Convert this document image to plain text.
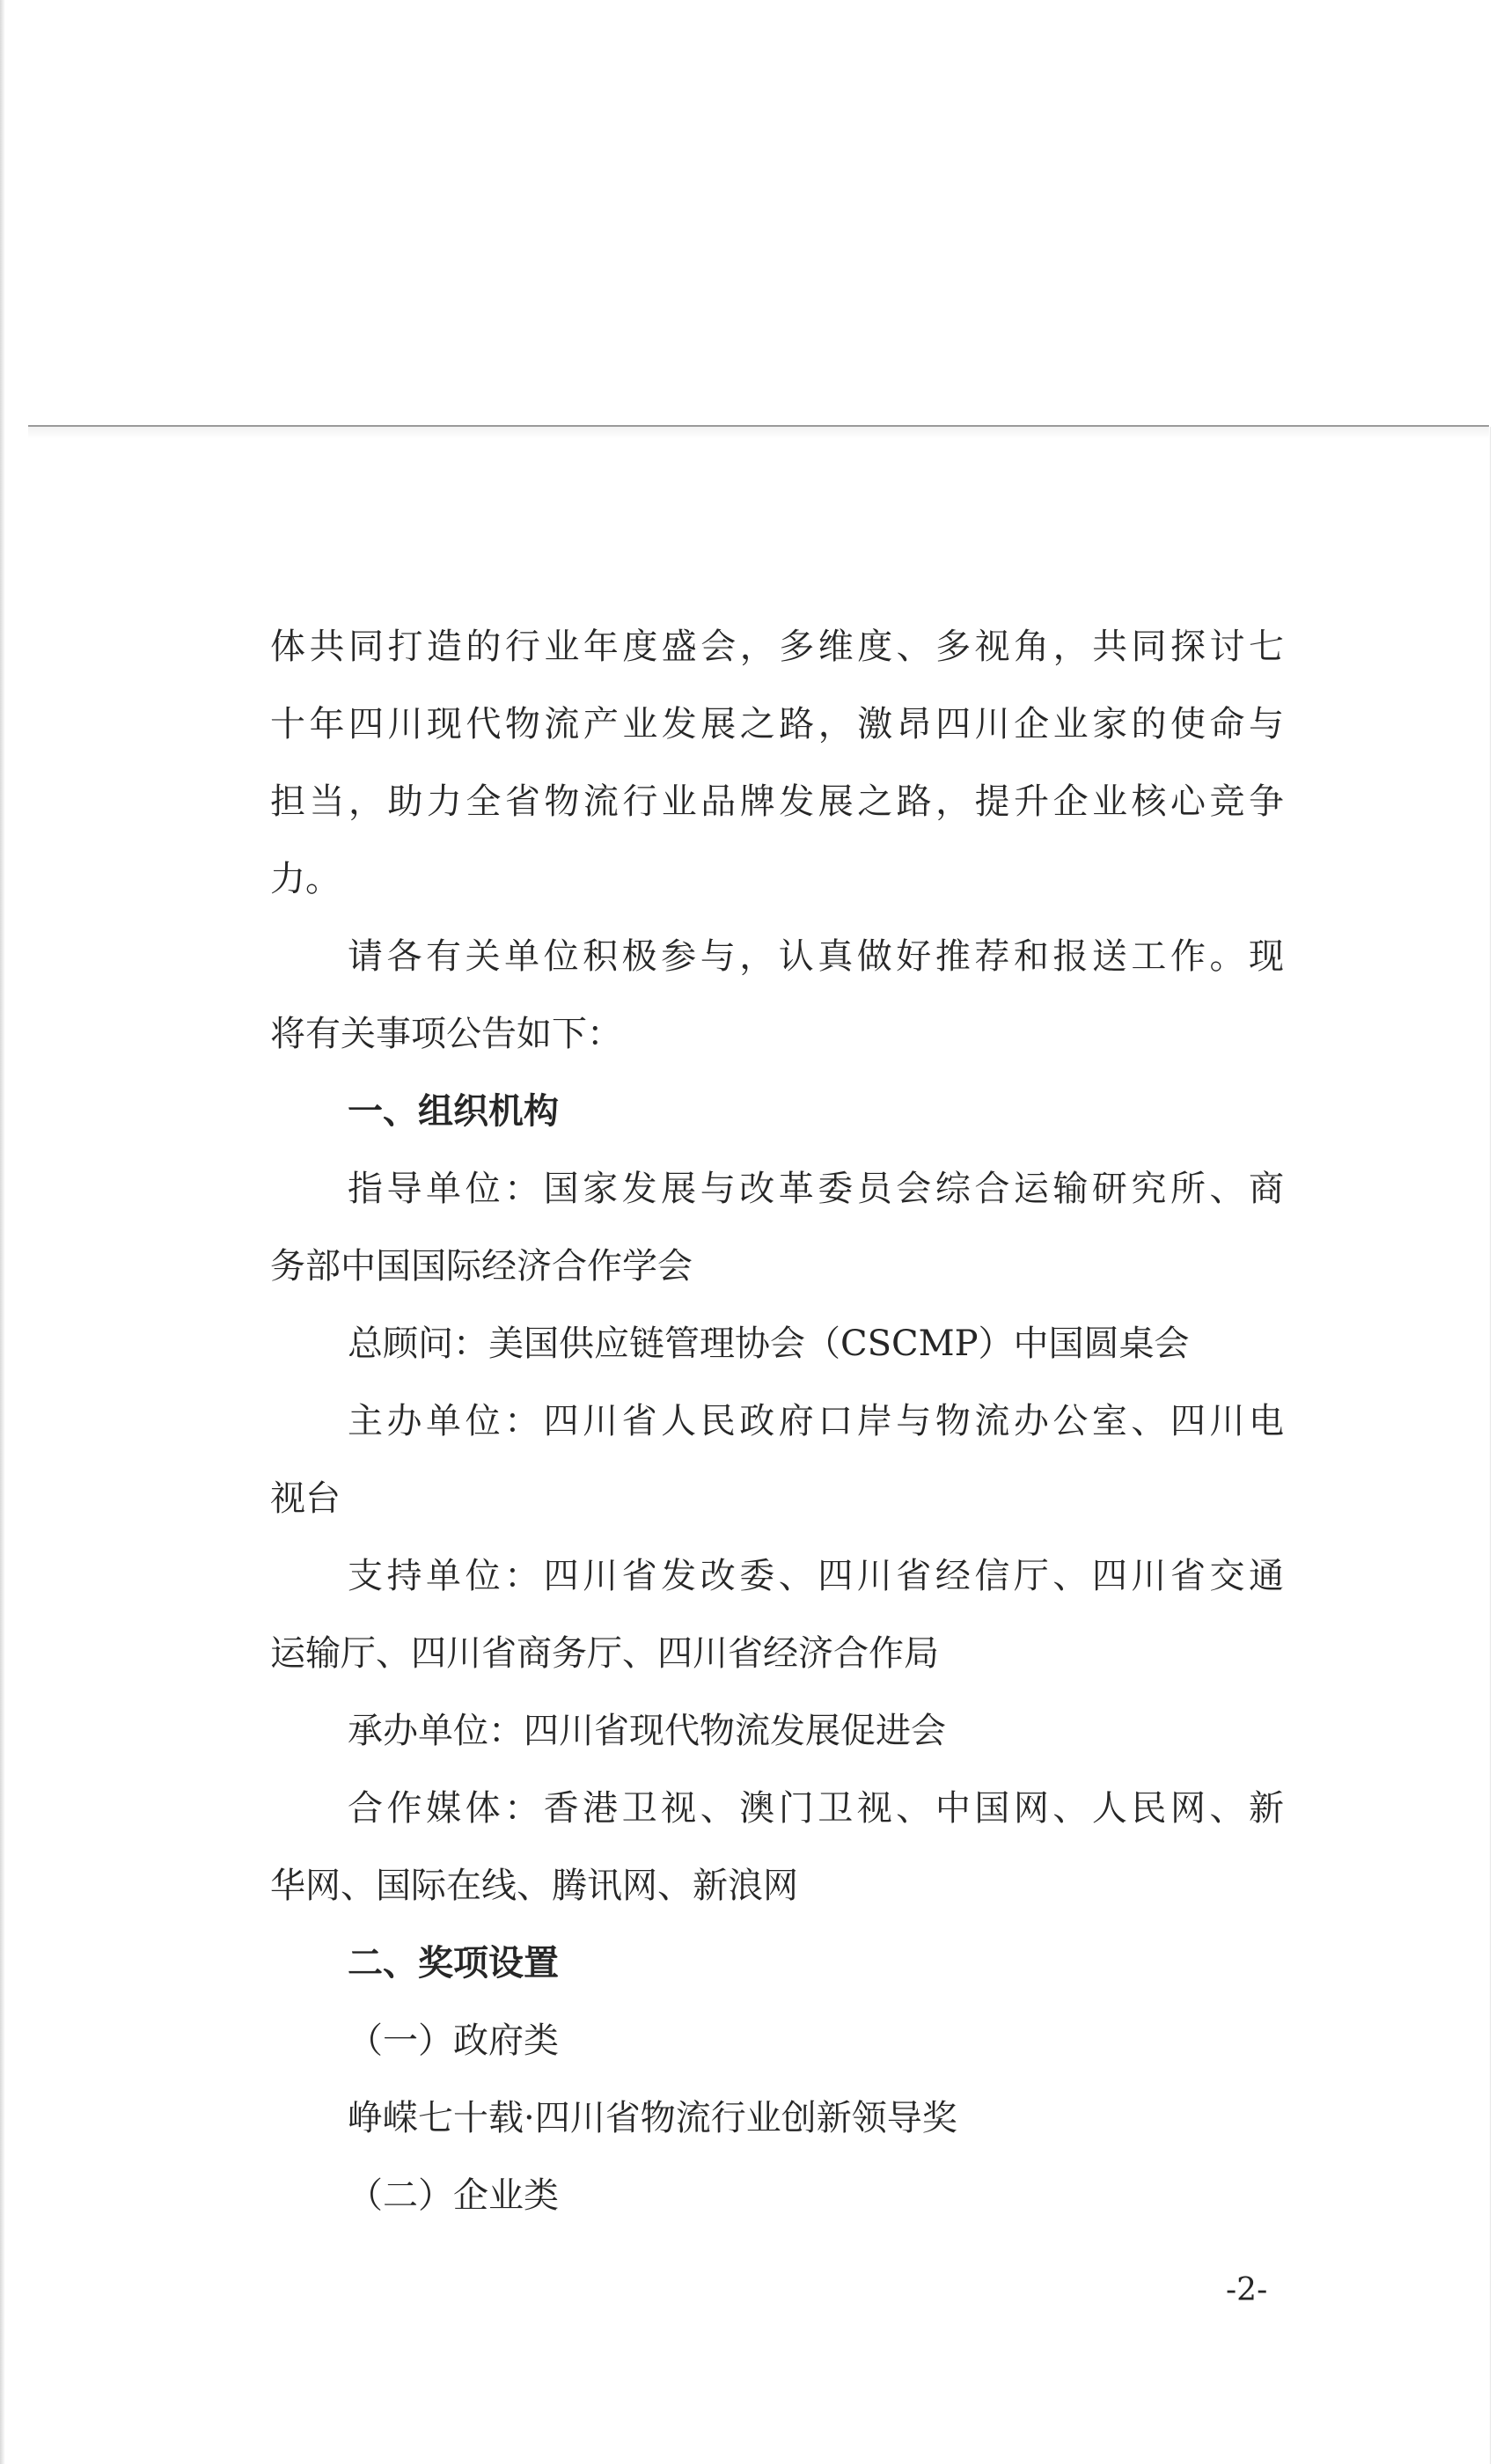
体共同打造的行业年度盛会，多维度、多视角，共同探讨七

十年四川现代物流产业发展之路，激昂四川企业家的使命与

担当，助力全省物流行业品牌发展之路，提升企业核心竞争

力。

请各有关单位积极参与，认真做好推荐和报送工作。现

将有关事项公告如下：

一、组织机构

指导单位：国家发展与改革委员会综合运输研究所、商

务部中国国际经济合作学会

总顾问：美国供应链管理协会（CSCMP）中国圆桌会

主办单位：四川省人民政府口岸与物流办公室、四川电

视台

支持单位：四川省发改委、四川省经信厅、四川省交通

运输厅、四川省商务厅、四川省经济合作局

承办单位：四川省现代物流发展促进会

合作媒体：香港卫视、澳门卫视、中国网、人民网、新

华网、国际在线、腾讯网、新浪网

二、奖项设置

（一）政府类

峥嵘七十载·四川省物流行业创新领导奖

（二）企业类

-2-
